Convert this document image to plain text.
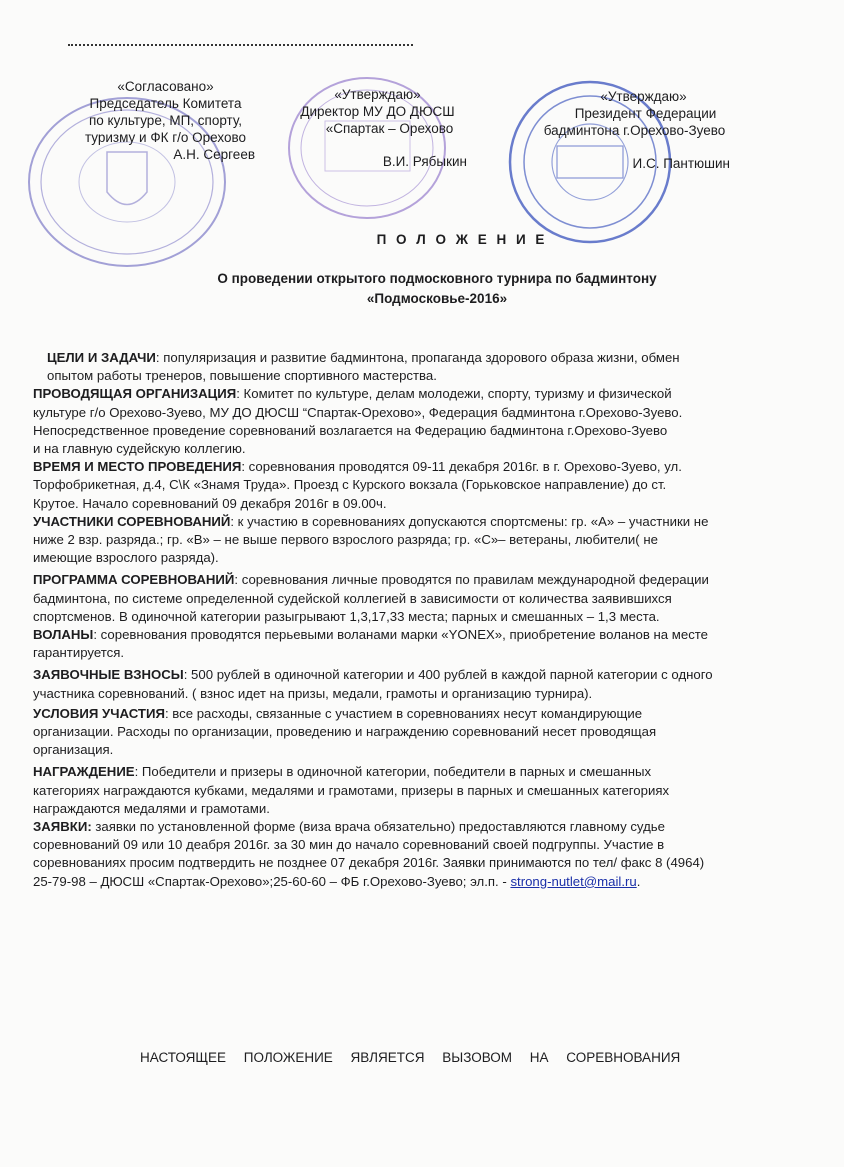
«Согласовано»
Председатель Комитета
по культуре, МП, спорту,
туризму и ФК г/о Орехово
А.Н. Сергеев
«Утверждаю»
Директор МУ ДО ДЮСШ
«Спартак – Орехово
В.И. Рябыкин
«Утверждаю»
Президент Федерации
бадминтона г.Орехово-Зуево
И.С. Пантюшин
П О Л О Ж Е Н И Е
О проведении открытого подмосковного турнира по бадминтону
«Подмосковье-2016»
ЦЕЛИ И ЗАДАЧИ: популяризация и развитие бадминтона, пропаганда здорового образа жизни, обмен
опытом работы тренеров, повышение спортивного мастерства.
ПРОВОДЯЩАЯ ОРГАНИЗАЦИЯ: Комитет по культуре, делам молодежи, спорту, туризму и физической
культуре г/о Орехово-Зуево, МУ ДО ДЮСШ “Спартак-Орехово», Федерация бадминтона г.Орехово-Зуево.
Непосредственное проведение соревнований возлагается на Федерацию бадминтона г.Орехово-Зуево
и на главную судейскую коллегию.
ВРЕМЯ И МЕСТО ПРОВЕДЕНИЯ: соревнования проводятся 09-11 декабря 2016г. в г. Орехово-Зуево, ул.
Торфобрикетная, д.4, С\К «Знамя Труда». Проезд с Курского вокзала (Горьковское направление) до ст.
Крутое. Начало соревнований 09 декабря 2016г в 09.00ч.
УЧАСТНИКИ СОРЕВНОВАНИЙ: к участию в соревнованиях допускаются спортсмены: гр. «А» – участники не
ниже 2 взр. разряда.; гр. «В» – не выше первого взрослого разряда; гр. «С»– ветераны, любители( не
имеющие взрослого разряда).
ПРОГРАММА СОРЕВНОВАНИЙ: соревнования личные проводятся по правилам международной федерации
бадминтона, по системе определенной судейской коллегией в зависимости от количества заявившихся
спортсменов. В одиночной категории разыгрывают 1,3,17,33 места; парных и смешанных – 1,3 места.
ВОЛАНЫ: соревнования проводятся перьевыми воланами марки «YONEX», приобретение воланов на месте
гарантируется.
ЗАЯВОЧНЫЕ ВЗНОСЫ: 500 рублей в одиночной категории и 400 рублей в каждой парной категории с одного
участника соревнований. ( взнос идет на призы, медали, грамоты и организацию турнира).
УСЛОВИЯ УЧАСТИЯ: все расходы, связанные с участием в соревнованиях несут командирующие
организации. Расходы по организации, проведению и награждению соревнований несет проводящая
организация.
НАГРАЖДЕНИЕ: Победители и призеры в одиночной категории, победители в парных и смешанных
категориях награждаются кубками, медалями и грамотами, призеры в парных и смешанных категориях
награждаются медалями и грамотами.
ЗАЯВКИ: заявки по установленной форме (виза врача обязательно) предоставляются главному судье
соревнований 09 или 10 деабря 2016г. за 30 мин до начало соревнований своей подгруппы. Участие в
соревнованиях просим подтвердить не позднее 07 декабря 2016г. Заявки принимаются по тел/ факс 8 (4964)
25-79-98 – ДЮСШ «Спартак-Орехово»;25-60-60 – ФБ г.Орехово-Зуево; эл.п. - strong-nutlet@mail.ru.
НАСТОЯЩЕЕ ПОЛОЖЕНИЕ ЯВЛЯЕТСЯ ВЫЗОВОМ НА СОРЕВНОВАНИЯ
